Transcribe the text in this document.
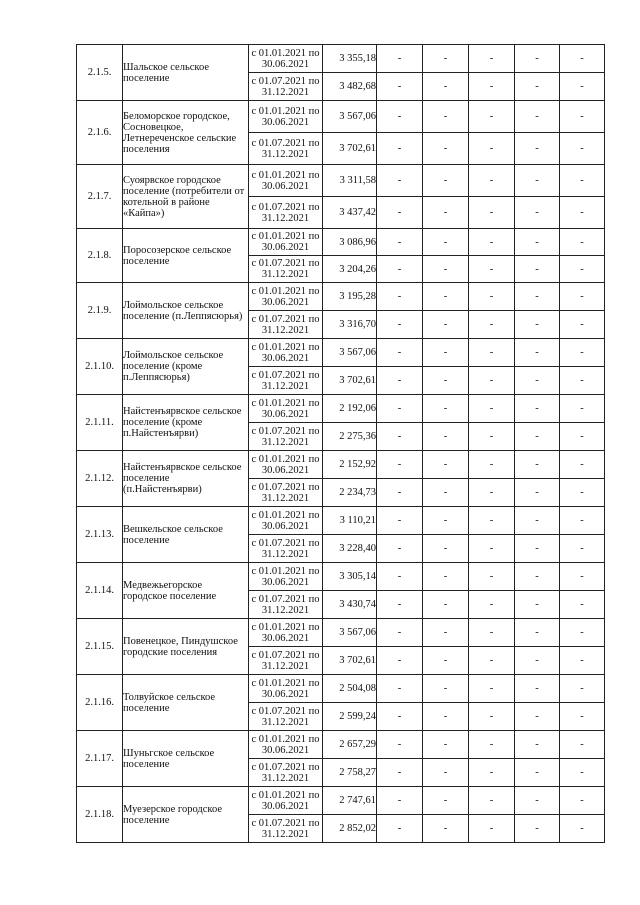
2.1.5.	Шальское сельское поселение	с 01.01.2021 по 30.06.2021	3 355,18	-	-	-	-	-
		с 01.07.2021 по 31.12.2021	3 482,68	-	-	-	-	-
2.1.6.	Беломорское городское, Сосновецкое, Летнереченское сельские поселения	с 01.01.2021 по 30.06.2021	3 567,06	-	-	-	-	-
		с 01.07.2021 по 31.12.2021	3 702,61	-	-	-	-	-
2.1.7.	Суоярвское городское поселение (потребители от котельной в районе «Кайпа»)	с 01.01.2021 по 30.06.2021	3 311,58	-	-	-	-	-
		с 01.07.2021 по 31.12.2021	3 437,42	-	-	-	-	-
2.1.8.	Поросозерское сельское поселение	с 01.01.2021 по 30.06.2021	3 086,96	-	-	-	-	-
		с 01.07.2021 по 31.12.2021	3 204,26	-	-	-	-	-
2.1.9.	Лоймольское сельское поселение (п.Леппясюрья)	с 01.01.2021 по 30.06.2021	3 195,28	-	-	-	-	-
		с 01.07.2021 по 31.12.2021	3 316,70	-	-	-	-	-
2.1.10.	Лоймольское сельское поселение (кроме п.Леппясюрья)	с 01.01.2021 по 30.06.2021	3 567,06	-	-	-	-	-
		с 01.07.2021 по 31.12.2021	3 702,61	-	-	-	-	-
2.1.11.	Найстенъярвское сельское поселение (кроме п.Найстенъярви)	с 01.01.2021 по 30.06.2021	2 192,06	-	-	-	-	-
		с 01.07.2021 по 31.12.2021	2 275,36	-	-	-	-	-
2.1.12.	Найстенъярвское сельское поселение (п.Найстенъярви)	с 01.01.2021 по 30.06.2021	2 152,92	-	-	-	-	-
		с 01.07.2021 по 31.12.2021	2 234,73	-	-	-	-	-
2.1.13.	Вешкельское сельское поселение	с 01.01.2021 по 30.06.2021	3 110,21	-	-	-	-	-
		с 01.07.2021 по 31.12.2021	3 228,40	-	-	-	-	-
2.1.14.	Медвежьегорское городское поселение	с 01.01.2021 по 30.06.2021	3 305,14	-	-	-	-	-
		с 01.07.2021 по 31.12.2021	3 430,74	-	-	-	-	-
2.1.15.	Повенецкое, Пиндушское городские поселения	с 01.01.2021 по 30.06.2021	3 567,06	-	-	-	-	-
		с 01.07.2021 по 31.12.2021	3 702,61	-	-	-	-	-
2.1.16.	Толвуйское сельское поселение	с 01.01.2021 по 30.06.2021	2 504,08	-	-	-	-	-
		с 01.07.2021 по 31.12.2021	2 599,24	-	-	-	-	-
2.1.17.	Шуньгское сельское поселение	с 01.01.2021 по 30.06.2021	2 657,29	-	-	-	-	-
		с 01.07.2021 по 31.12.2021	2 758,27	-	-	-	-	-
2.1.18.	Муезерское городское поселение	с 01.01.2021 по 30.06.2021	2 747,61	-	-	-	-	-
		с 01.07.2021 по 31.12.2021	2 852,02	-	-	-	-	-
